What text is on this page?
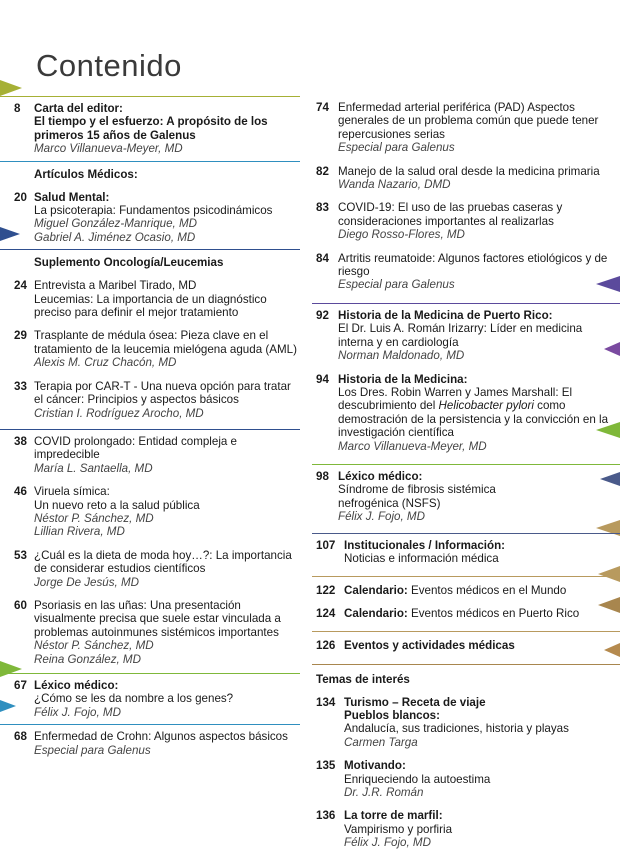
Contenido
8 Carta del editor:
El tiempo y el esfuerzo: A propósito de los primeros 15 años de Galenus
Marco Villanueva-Meyer, MD
Artículos Médicos:
20 Salud Mental:
La psicoterapia: Fundamentos psicodinámicos
Miguel González-Manrique, MD
Gabriel A. Jiménez Ocasio, MD
Suplemento Oncología/Leucemias
24 Entrevista a Maribel Tirado, MD
Leucemias: La importancia de un diagnóstico preciso para definir el mejor tratamiento
29 Trasplante de médula ósea: Pieza clave en el tratamiento de la leucemia mielógena aguda (AML)
Alexis M. Cruz Chacón, MD
33 Terapia por CAR-T - Una nueva opción para tratar el cáncer: Principios y aspectos básicos
Cristian I. Rodríguez Arocho, MD
38 COVID prolongado: Entidad compleja e impredecible
María L. Santaella, MD
46 Viruela símica:
Un nuevo reto a la salud pública
Néstor P. Sánchez, MD
Lillian Rivera, MD
53 ¿Cuál es la dieta de moda hoy…?: La importancia de considerar estudios científicos
Jorge De Jesús, MD
60 Psoriasis en las uñas: Una presentación visualmente precisa que suele estar vinculada a problemas autoinmunes sistémicos importantes
Néstor P. Sánchez, MD
Reina González, MD
67 Léxico médico:
¿Cómo se les da nombre a los genes?
Félix J. Fojo, MD
68 Enfermedad de Crohn: Algunos aspectos básicos
Especial para Galenus
74 Enfermedad arterial periférica (PAD) Aspectos generales de un problema común que puede tener repercusiones serias
Especial para Galenus
82 Manejo de la salud oral desde la medicina primaria
Wanda Nazario, DMD
83 COVID-19: El uso de las pruebas caseras y consideraciones importantes al realizarlas
Diego Rosso-Flores, MD
84 Artritis reumatoide: Algunos factores etiológicos y de riesgo
Especial para Galenus
92 Historia de la Medicina de Puerto Rico:
El Dr. Luis A. Román Irizarry: Líder en medicina interna y en cardiología
Norman Maldonado, MD
94 Historia de la Medicina:
Los Dres. Robin Warren y James Marshall: El descubrimiento del Helicobacter pylori como demostración de la persistencia y la convicción en la investigación científica
Marco Villanueva-Meyer, MD
98 Léxico médico:
Síndrome de fibrosis sistémica nefrogénica (NSFS)
Félix J. Fojo, MD
107 Institucionales / Información:
Noticias e información médica
122 Calendario: Eventos médicos en el Mundo
124 Calendario: Eventos médicos en Puerto Rico
126 Eventos y actividades médicas
Temas de interés
134 Turismo – Receta de viaje
Pueblos blancos:
Andalucía, sus tradiciones, historia y playas
Carmen Targa
135 Motivando:
Enriqueciendo la autoestima
Dr. J.R. Román
136 La torre de marfil:
Vampirismo y porfiria
Félix J. Fojo, MD
